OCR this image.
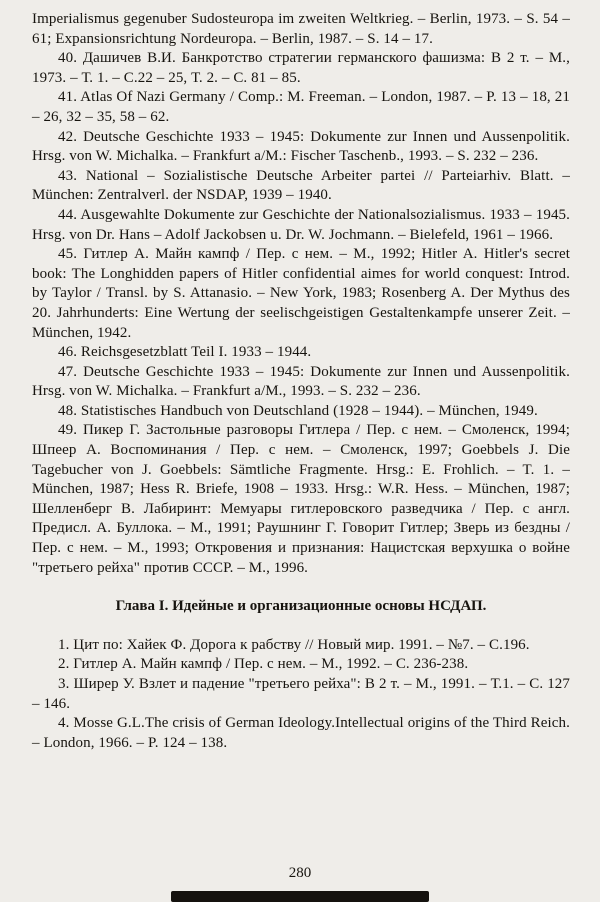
Imperialismus gegenuber Sudosteuropa im zweiten Weltkrieg. – Berlin, 1973. – S. 54 – 61; Expansionsrichtung Nordeuropa. – Berlin, 1987. – S. 14 – 17.

40. Дашичев В.И. Банкротство стратегии германского фашизма: В 2 т. – М., 1973. – Т. 1. – С.22 – 25, Т. 2. – С. 81 – 85.

41. Atlas Of Nazi Germany / Comp.: M. Freeman. – London, 1987. – P. 13 – 18, 21 – 26, 32 – 35, 58 – 62.

42. Deutsche Geschichte 1933 – 1945: Dokumente zur Innen und Aussenpolitik. Hrsg. von W. Michalka. – Frankfurt a/M.: Fischer Taschenb., 1993. – S. 232 – 236.

43. National – Sozialistische Deutsche Arbeiter partei // Parteiarhiv. Blatt. – München: Zentralverl. der NSDAP, 1939 – 1940.

44. Ausgewahlte Dokumente zur Geschichte der Nationalsozialismus. 1933 – 1945. Hrsg. von Dr. Hans – Adolf Jackobsen u. Dr. W. Jochmann. – Bielefeld, 1961 – 1966.

45. Гитлер А. Майн кампф / Пер. с нем. – М., 1992; Hitler A. Hitler's secret book: The Longhidden papers of Hitler confidential aimes for world conquest: Introd. by Taylor / Transl. by S. Attanasio. – New York, 1983; Rosenberg A. Der Mythus des 20. Jahrhunderts: Eine Wertung der seelischgeistigen Gestaltenkampfe unserer Zeit. – München, 1942.

46. Reichsgesetzblatt Teil I. 1933 – 1944.

47. Deutsche Geschichte 1933 – 1945: Dokumente zur Innen und Aussenpolitik. Hrsg. von W. Michalka. – Frankfurt a/M., 1993. – S. 232 – 236.

48. Statistisches Handbuch von Deutschland (1928 – 1944). – München, 1949.

49. Пикер Г. Застольные разговоры Гитлера / Пер. с нем. – Смоленск, 1994; Шпеер А. Воспоминания / Пер. с нем. – Смоленск, 1997; Goebbels J. Die Tagebucher von J. Goebbels: Sämtliche Fragmente. Hrsg.: E. Frohlich. – T. 1. – München, 1987; Hess R. Briefe, 1908 – 1933. Hrsg.: W.R. Hess. – München, 1987; Шелленберг В. Лабиринт: Мемуары гитлеровского разведчика / Пер. с англ. Предисл. А. Буллока. – М., 1991; Раушнинг Г. Говорит Гитлер; Зверь из бездны / Пер. с нем. – М., 1993; Откровения и признания: Нацистская верхушка о войне "третьего рейха" против СССР. – М., 1996.

Глава I. Идейные и организационные основы НСДАП.

1. Цит по: Хайек Ф. Дорога к рабству // Новый мир. 1991. – №7. – С.196.

2. Гитлер А. Майн кампф / Пер. с нем. – М., 1992. – С. 236-238.

3. Ширер У. Взлет и падение "третьего рейха": В 2 т. – М., 1991. – Т.1. – С. 127 – 146.

4. Mosse G.L.The crisis of German Ideology.Intellectual origins of the Third Reich. – London, 1966. – P. 124 – 138.

280
